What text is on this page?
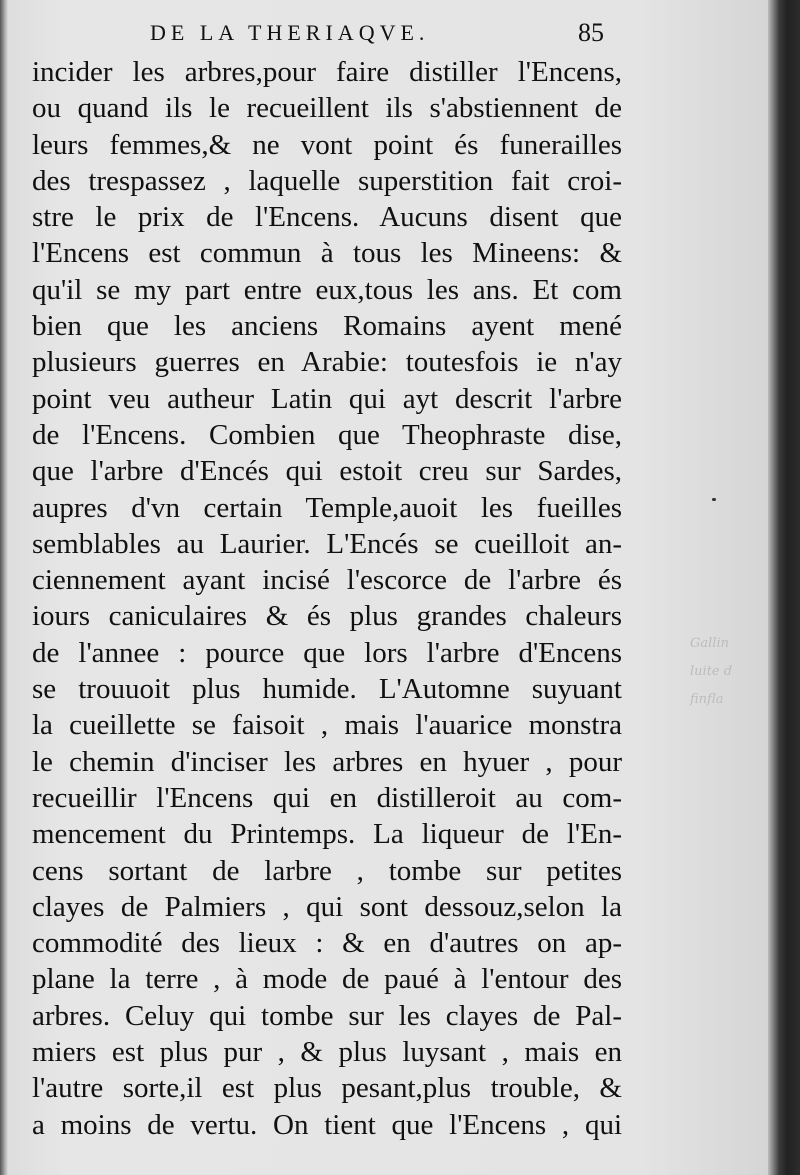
Gallin
luite d
finfla
DE LA THERIAQVE.	85
incider les arbres,pour faire distiller l'Encens,
ou quand ils le recueillent ils s'abstiennent de
leurs femmes,& ne vont point és funerailles
des trespassez , laquelle superstition fait croi-
stre le prix de l'Encens. Aucuns disent que
l'Encens est commun à tous les Mineens: &
qu'il se my part entre eux,tous les ans. Et com
bien que les anciens Romains ayent mené
plusieurs guerres en Arabie: toutesfois ie n'ay
point veu autheur Latin qui ayt descrit l'arbre
de l'Encens. Combien que Theophraste dise,
que l'arbre d'Encés qui estoit creu sur Sardes,
aupres d'vn certain Temple,auoit les fueilles
semblables au Laurier. L'Encés se cueilloit an-
ciennement ayant incisé l'escorce de l'arbre és
iours caniculaires & és plus grandes chaleurs
de l'annee : pource que lors l'arbre d'Encens
se trouuoit plus humide. L'Automne suyuant
la cueillette se faisoit , mais l'auarice monstra
le chemin d'inciser les arbres en hyuer , pour
recueillir l'Encens qui en distilleroit au com-
mencement du Printemps. La liqueur de l'En-
cens sortant de larbre , tombe sur petites
clayes de Palmiers , qui sont dessouz,selon la
commodité des lieux : & en d'autres on ap-
plane la terre , à mode de paué à l'entour des
arbres. Celuy qui tombe sur les clayes de Pal-
miers est plus pur , & plus luysant , mais en
l'autre sorte,il est plus pesant,plus trouble, &
a moins de vertu. On tient que l'Encens , qui
